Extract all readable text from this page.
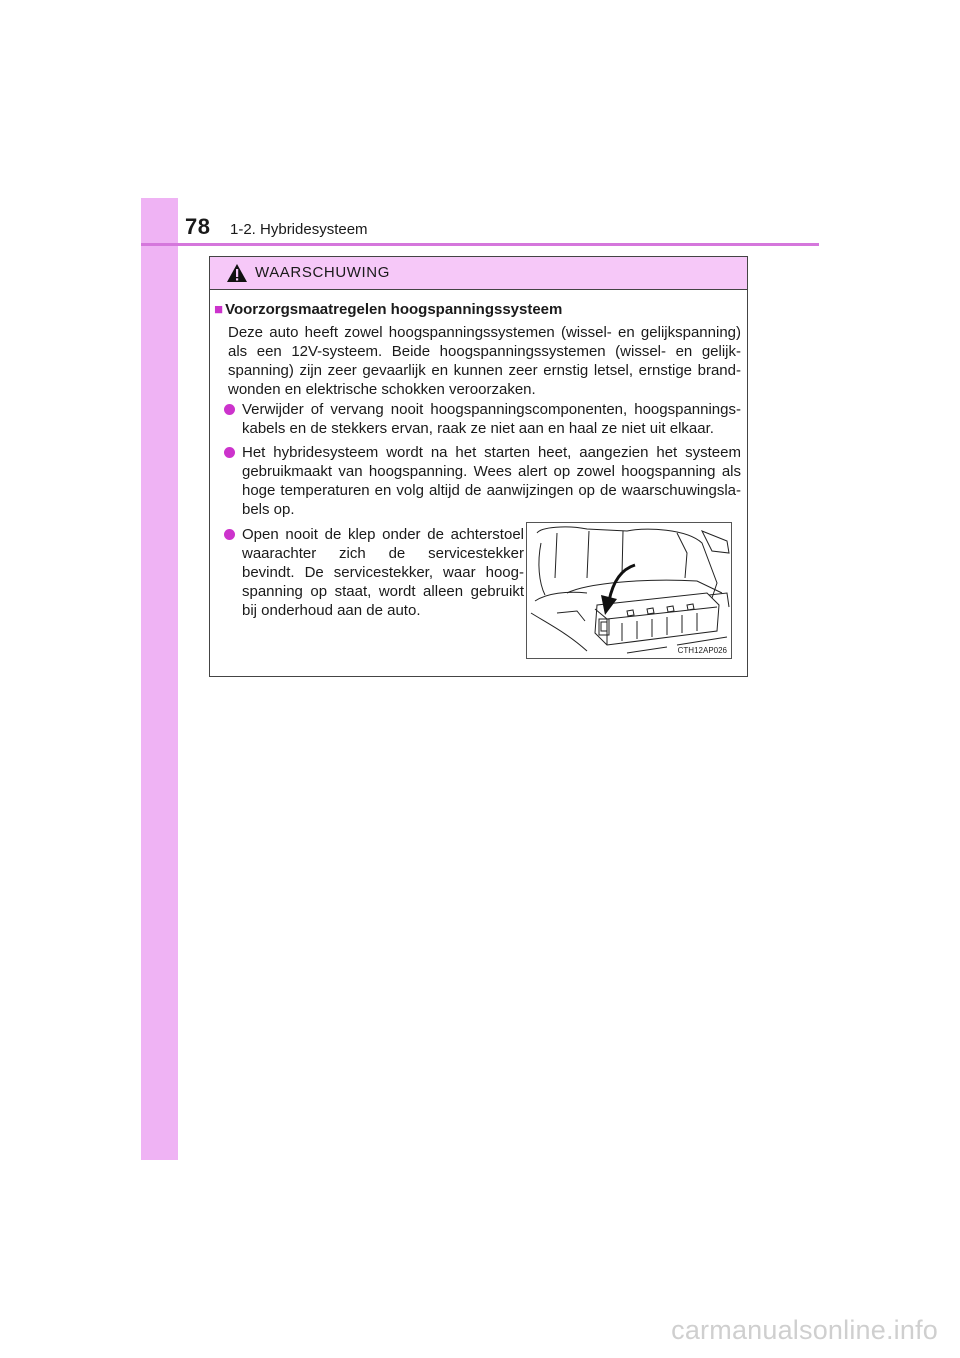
78 1-2. Hybridesysteem
WAARSCHUWING
■ Voorzorgsmaatregelen hoogspanningssysteem
Deze auto heeft zowel hoogspanningssystemen (wissel- en gelijkspanning) als een 12V-systeem. Beide hoogspanningssystemen (wissel- en gelijk-spanning) zijn zeer gevaarlijk en kunnen zeer ernstig letsel, ernstige brand-wonden en elektrische schokken veroorzaken.
Verwijder of vervang nooit hoogspanningscomponenten, hoogspannings-kabels en de stekkers ervan, raak ze niet aan en haal ze niet uit elkaar.
Het hybridesysteem wordt na het starten heet, aangezien het systeem gebruikmaakt van hoogspanning. Wees alert op zowel hoogspanning als hoge temperaturen en volg altijd de aanwijzingen op de waarschuwingsla-bels op.
Open nooit de klep onder de achterstoel waarachter zich de servicestekker bevindt. De servicestekker, waar hoog-spanning op staat, wordt alleen gebruikt bij onderhoud aan de auto.
CTH12AP026
carmanualsonline.info
